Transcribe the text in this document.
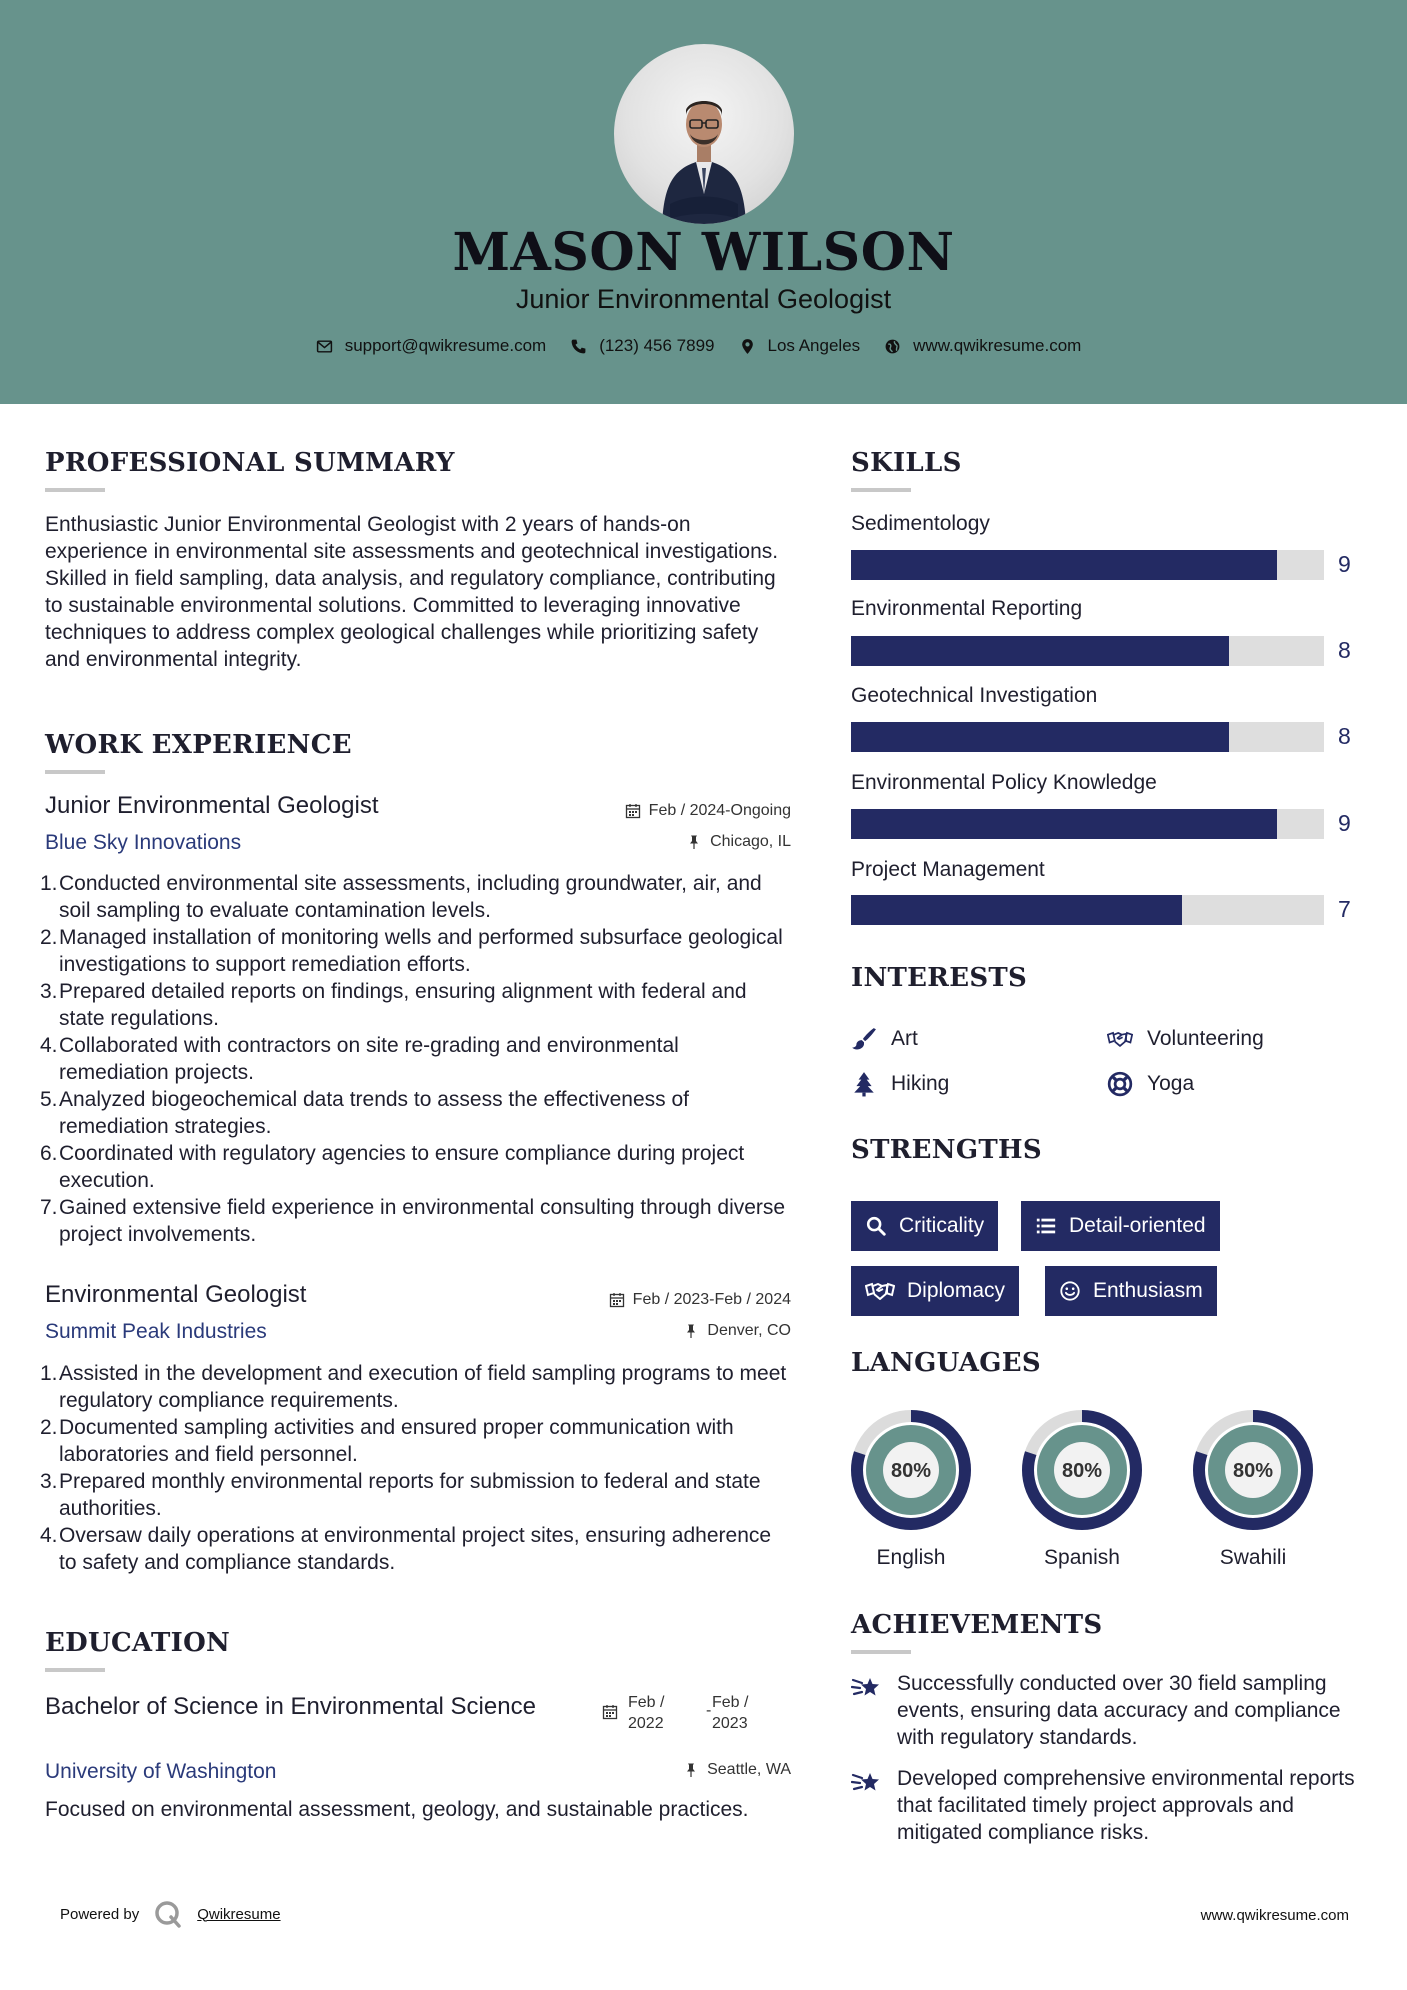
MASON WILSON
Junior Environmental Geologist
support@qwikresume.com	(123) 456 7899	Los Angeles	www.qwikresume.com
PROFESSIONAL SUMMARY
Enthusiastic Junior Environmental Geologist with 2 years of hands-on experience in environmental site assessments and geotechnical investigations. Skilled in field sampling, data analysis, and regulatory compliance, contributing to sustainable environmental solutions. Committed to leveraging innovative techniques to address complex geological challenges while prioritizing safety and environmental integrity.
WORK EXPERIENCE
Junior Environmental Geologist	Feb / 2024-Ongoing
Blue Sky Innovations	Chicago, IL
1. Conducted environmental site assessments, including groundwater, air, and soil sampling to evaluate contamination levels.
2. Managed installation of monitoring wells and performed subsurface geological investigations to support remediation efforts.
3. Prepared detailed reports on findings, ensuring alignment with federal and state regulations.
4. Collaborated with contractors on site re-grading and environmental remediation projects.
5. Analyzed biogeochemical data trends to assess the effectiveness of remediation strategies.
6. Coordinated with regulatory agencies to ensure compliance during project execution.
7. Gained extensive field experience in environmental consulting through diverse project involvements.
Environmental Geologist	Feb / 2023-Feb / 2024
Summit Peak Industries	Denver, CO
1. Assisted in the development and execution of field sampling programs to meet regulatory compliance requirements.
2. Documented sampling activities and ensured proper communication with laboratories and field personnel.
3. Prepared monthly environmental reports for submission to federal and state authorities.
4. Oversaw daily operations at environmental project sites, ensuring adherence to safety and compliance standards.
EDUCATION
Bachelor of Science in Environmental Science	Feb / 2022
- Feb / 2023
University of Washington	Seattle, WA
Focused on environmental assessment, geology, and sustainable practices.
SKILLS
Sedimentology
9
Environmental Reporting
8
Geotechnical Investigation
8
Environmental Policy Knowledge
9
Project Management
7
INTERESTS
Art	Volunteering
Hiking	Yoga
STRENGTHS
Criticality	Detail-oriented
Diplomacy	Enthusiasm
LANGUAGES
80%
English
80%
Spanish
80%
Swahili
ACHIEVEMENTS
Successfully conducted over 30 field sampling events, ensuring data accuracy and compliance with regulatory standards.
Developed comprehensive environmental reports that facilitated timely project approvals and mitigated compliance risks.
Powered by	Qwikresume	www.qwikresume.com
